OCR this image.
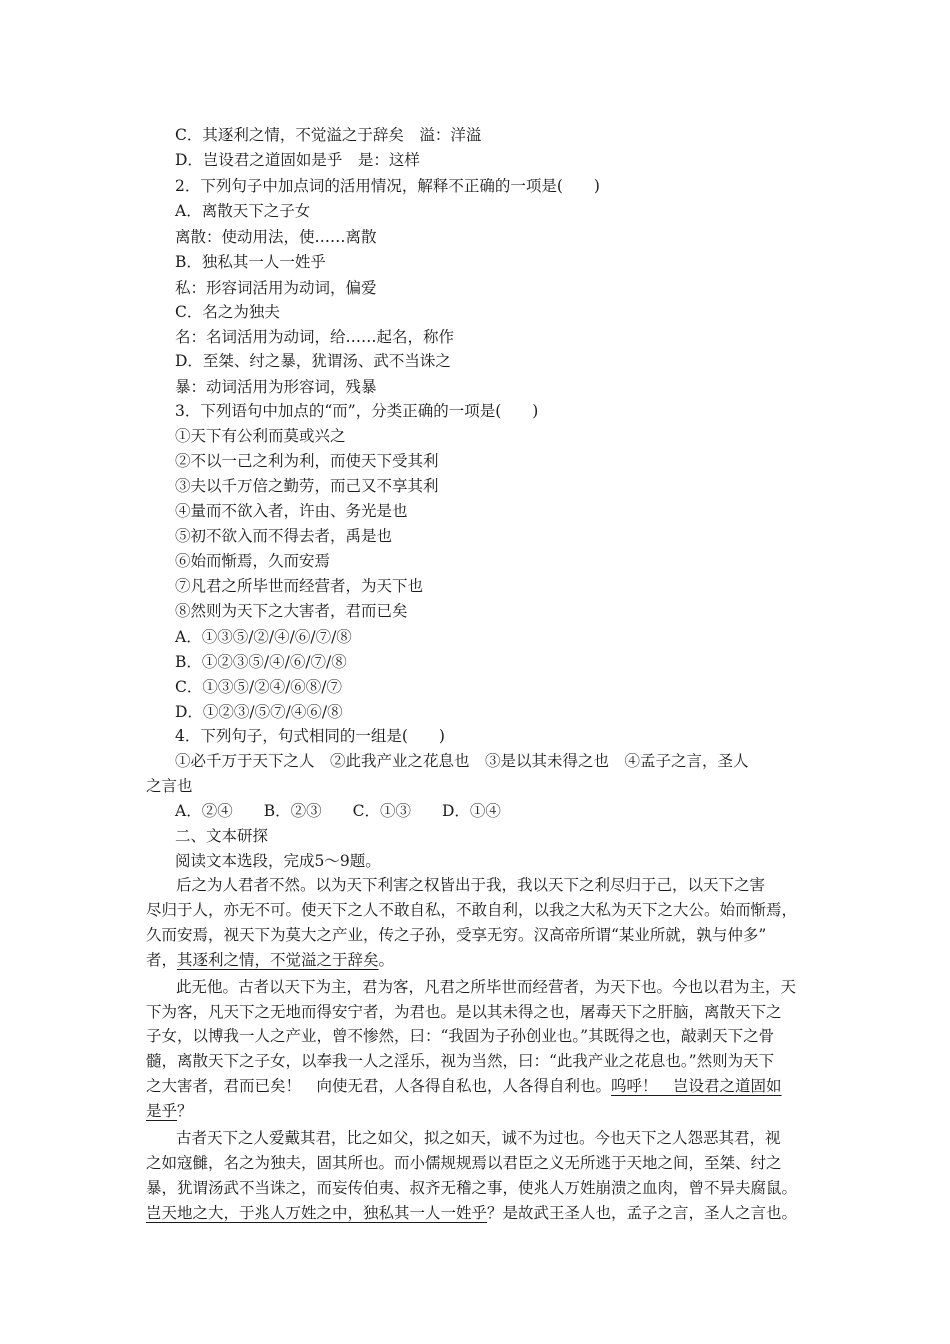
C．其逐利之情，不觉溢之于辞矣　溢：洋溢
D．岂设君之道固如是乎　是：这样
2．下列句子中加点词的活用情况，解释不正确的一项是(　　)
A．离散天下之子女
离散：使动用法，使……离散
B．独私其一人一姓乎
私：形容词活用为动词，偏爱
C．名之为独夫
名：名词活用为动词，给……起名，称作
D．至桀、纣之暴，犹谓汤、武不当诛之
暴：动词活用为形容词，残暴
3．下列语句中加点的“而”，分类正确的一项是(　　)
①天下有公利而莫或兴之
②不以一己之利为利，而使天下受其利
③夫以千万倍之勤劳，而己又不享其利
④量而不欲入者，许由、务光是也
⑤初不欲入而不得去者，禹是也
⑥始而惭焉，久而安焉
⑦凡君之所毕世而经营者，为天下也
⑧然则为天下之大害者，君而已矣
A．①③⑤/②/④/⑥/⑦/⑧
B．①②③⑤/④/⑥/⑦/⑧
C．①③⑤/②④/⑥⑧/⑦
D．①②③/⑤⑦/④⑥/⑧
4．下列句子，句式相同的一组是(　　)
①必千万于天下之人　②此我产业之花息也　③是以其未得之也　④孟子之言，圣人
之言也
A．②④　　B．②③　　C．①③　　D．①④
二、文本研探
阅读文本选段，完成5～9题。
后之为人君者不然。以为天下利害之权皆出于我，我以天下之利尽归于己，以天下之害
尽归于人，亦无不可。使天下之人不敢自私，不敢自利，以我之大私为天下之大公。始而惭焉，
久而安焉，视天下为莫大之产业，传之子孙，受享无穷。汉高帝所谓“某业所就，孰与仲多”
者，其逐利之情，不觉溢之于辞矣。
此无他。古者以天下为主，君为客，凡君之所毕世而经营者，为天下也。今也以君为主，天
下为客，凡天下之无地而得安宁者，为君也。是以其未得之也，屠毒天下之肝脑，离散天下之
子女，以博我一人之产业，曾不惨然，曰：“我固为子孙创业也。”其既得之也，敲剥天下之骨
髓，离散天下之子女，以奉我一人之淫乐，视为当然，曰：“此我产业之花息也。”然则为天下
之大害者，君而已矣！　向使无君，人各得自私也，人各得自利也。呜呼！　岂设君之道固如
是乎？
古者天下之人爱戴其君，比之如父，拟之如天，诚不为过也。今也天下之人怨恶其君，视
之如寇雠，名之为独夫，固其所也。而小儒规规焉以君臣之义无所逃于天地之间，至桀、纣之
暴，犹谓汤武不当诛之，而妄传伯夷、叔齐无稽之事，使兆人万姓崩溃之血肉，曾不异夫腐鼠。
岂天地之大，于兆人万姓之中，独私其一人一姓乎？是故武王圣人也，孟子之言，圣人之言也。
